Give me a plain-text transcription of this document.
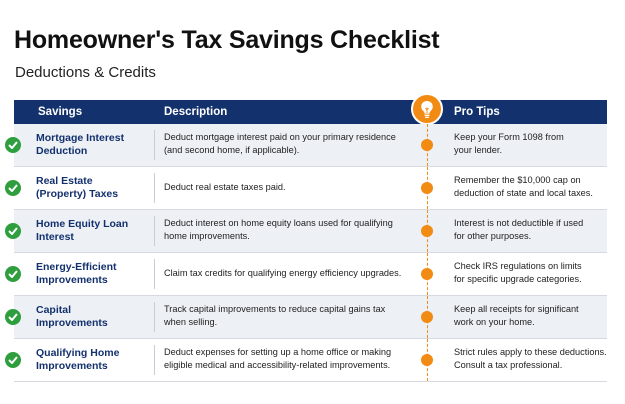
Homeowner's Tax Savings Checklist
Deductions & Credits
Savings	Description	Pro Tips
Mortgage Interest
Deduction
Deduct mortgage interest paid on your primary residence
(and second home, if applicable).
Keep your Form 1098 from
your lender.
Real Estate
(Property) Taxes
Deduct real estate taxes paid.
Remember the $10,000 cap on
deduction of state and local taxes.
Home Equity Loan
Interest
Deduct interest on home equity loans used for qualifying
home improvements.
Interest is not deductible if used
for other purposes.
Energy-Efficient
Improvements
Claim tax credits for qualifying energy efficiency upgrades.
Check IRS regulations on limits
for specific upgrade categories.
Capital
Improvements
Track capital improvements to reduce capital gains tax
when selling.
Keep all receipts for significant
work on your home.
Qualifying Home
Improvements
Deduct expenses for setting up a home office or making
eligible medical and accessibility-related improvements.
Strict rules apply to these deductions.
Consult a tax professional.
